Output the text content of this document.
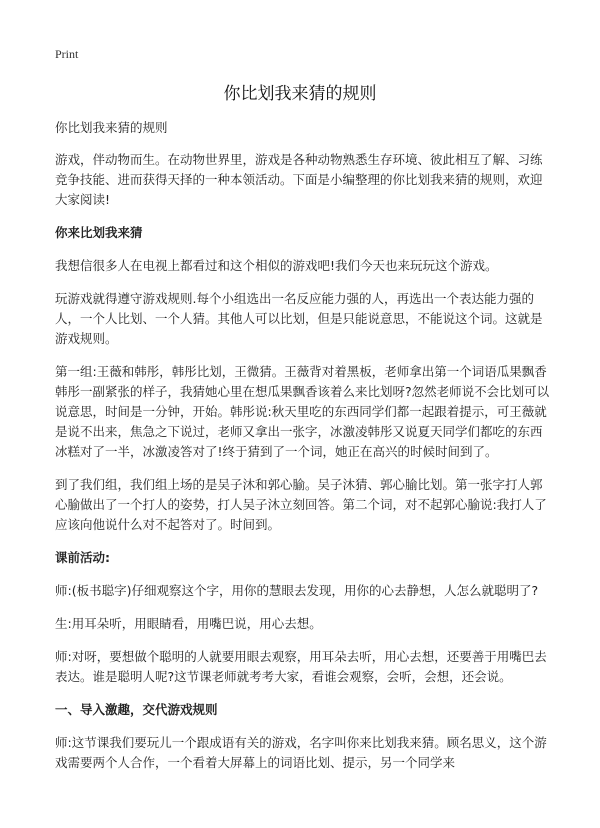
Print
你比划我来猜的规则

你比划我来猜的规则

游戏，伴动物而生。在动物世界里，游戏是各种动物熟悉生存环境、彼此相互了解、习练竞争技能、进而获得天择的一种本领活动。下面是小编整理的你比划我来猜的规则，欢迎大家阅读!

你来比划我来猜

我想信很多人在电视上都看过和这个相似的游戏吧!我们今天也来玩玩这个游戏。

玩游戏就得遵守游戏规则.每个小组选出一名反应能力强的人，再选出一个表达能力强的人，一个人比划、一个人猜。其他人可以比划，但是只能说意思，不能说这个词。这就是游戏规则。

第一组:王薇和韩彤，韩彤比划，王微猜。王薇背对着黑板，老师拿出第一个词语瓜果飘香韩彤一副紧张的样子，我猜她心里在想瓜果飘香该着么来比划呀?忽然老师说不会比划可以说意思，时间是一分钟，开始。韩彤说:秋天里吃的东西同学们都一起跟着提示，可王薇就是说不出来，焦急之下说过，老师又拿出一张字，冰激凌韩彤又说夏天同学们都吃的东西冰糕对了一半，冰激凌答对了!终于猜到了一个词，她正在高兴的时候时间到了。

到了我们组，我们组上场的是吴子沐和郭心腧。吴子沐猜、郭心腧比划。第一张字打人郭心腧做出了一个打人的姿势，打人吴子沐立刻回答。第二个词，对不起郭心腧说:我打人了应该向他说什么对不起答对了。时间到。

课前活动:

师:(板书聪字)仔细观察这个字，用你的慧眼去发现，用你的心去静想，人怎么就聪明了?

生:用耳朵听，用眼睛看，用嘴巴说，用心去想。

师:对呀，要想做个聪明的人就要用眼去观察，用耳朵去听，用心去想，还要善于用嘴巴去表达。谁是聪明人呢?这节课老师就考考大家，看谁会观察，会听，会想，还会说。

一、导入激趣，交代游戏规则

师:这节课我们要玩儿一个跟成语有关的游戏，名字叫你来比划我来猜。顾名思义，这个游戏需要两个人合作，一个看着大屏幕上的词语比划、提示，另一个同学来
